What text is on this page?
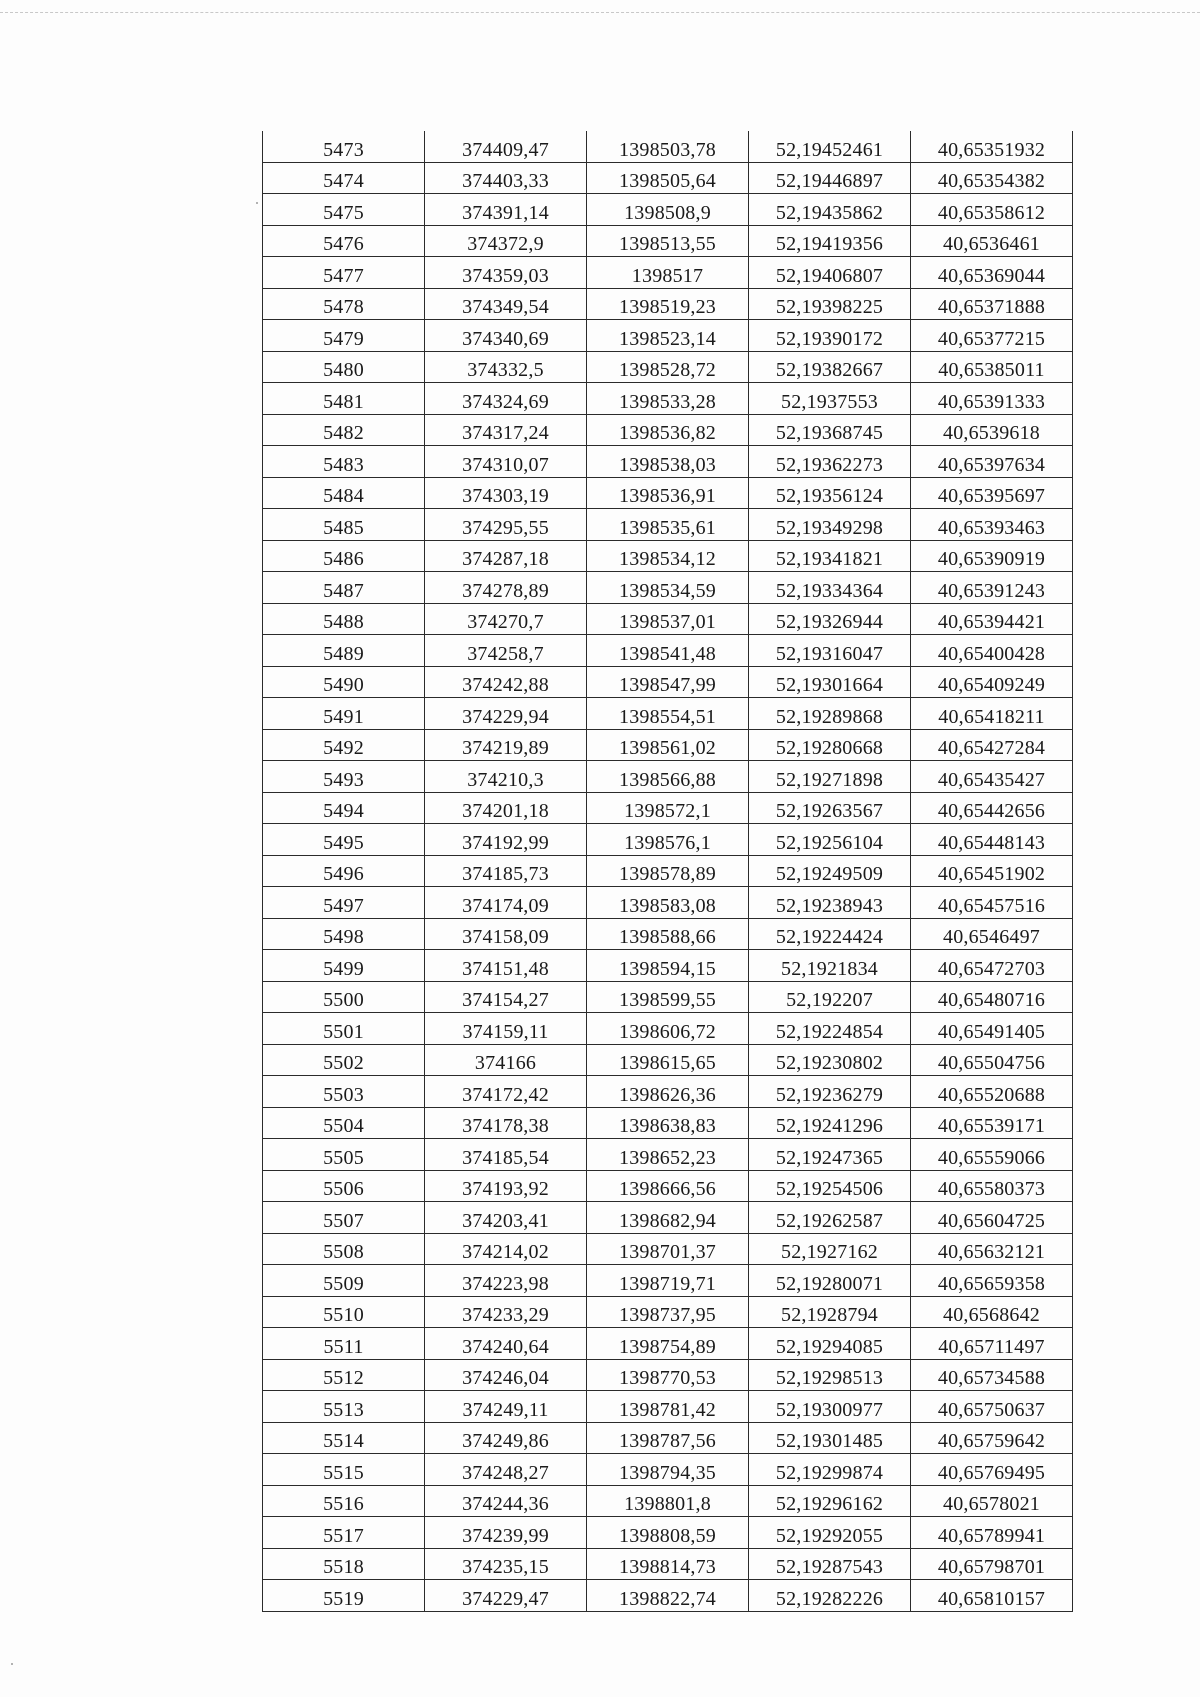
5473	374409,47	1398503,78	52,19452461	40,65351932
5474	374403,33	1398505,64	52,19446897	40,65354382
5475	374391,14	1398508,9	52,19435862	40,65358612
5476	374372,9	1398513,55	52,19419356	40,6536461
5477	374359,03	1398517	52,19406807	40,65369044
5478	374349,54	1398519,23	52,19398225	40,65371888
5479	374340,69	1398523,14	52,19390172	40,65377215
5480	374332,5	1398528,72	52,19382667	40,65385011
5481	374324,69	1398533,28	52,1937553	40,65391333
5482	374317,24	1398536,82	52,19368745	40,6539618
5483	374310,07	1398538,03	52,19362273	40,65397634
5484	374303,19	1398536,91	52,19356124	40,65395697
5485	374295,55	1398535,61	52,19349298	40,65393463
5486	374287,18	1398534,12	52,19341821	40,65390919
5487	374278,89	1398534,59	52,19334364	40,65391243
5488	374270,7	1398537,01	52,19326944	40,65394421
5489	374258,7	1398541,48	52,19316047	40,65400428
5490	374242,88	1398547,99	52,19301664	40,65409249
5491	374229,94	1398554,51	52,19289868	40,65418211
5492	374219,89	1398561,02	52,19280668	40,65427284
5493	374210,3	1398566,88	52,19271898	40,65435427
5494	374201,18	1398572,1	52,19263567	40,65442656
5495	374192,99	1398576,1	52,19256104	40,65448143
5496	374185,73	1398578,89	52,19249509	40,65451902
5497	374174,09	1398583,08	52,19238943	40,65457516
5498	374158,09	1398588,66	52,19224424	40,6546497
5499	374151,48	1398594,15	52,1921834	40,65472703
5500	374154,27	1398599,55	52,192207	40,65480716
5501	374159,11	1398606,72	52,19224854	40,65491405
5502	374166	1398615,65	52,19230802	40,65504756
5503	374172,42	1398626,36	52,19236279	40,65520688
5504	374178,38	1398638,83	52,19241296	40,65539171
5505	374185,54	1398652,23	52,19247365	40,65559066
5506	374193,92	1398666,56	52,19254506	40,65580373
5507	374203,41	1398682,94	52,19262587	40,65604725
5508	374214,02	1398701,37	52,1927162	40,65632121
5509	374223,98	1398719,71	52,19280071	40,65659358
5510	374233,29	1398737,95	52,1928794	40,6568642
5511	374240,64	1398754,89	52,19294085	40,65711497
5512	374246,04	1398770,53	52,19298513	40,65734588
5513	374249,11	1398781,42	52,19300977	40,65750637
5514	374249,86	1398787,56	52,19301485	40,65759642
5515	374248,27	1398794,35	52,19299874	40,65769495
5516	374244,36	1398801,8	52,19296162	40,6578021
5517	374239,99	1398808,59	52,19292055	40,65789941
5518	374235,15	1398814,73	52,19287543	40,65798701
5519	374229,47	1398822,74	52,19282226	40,65810157
